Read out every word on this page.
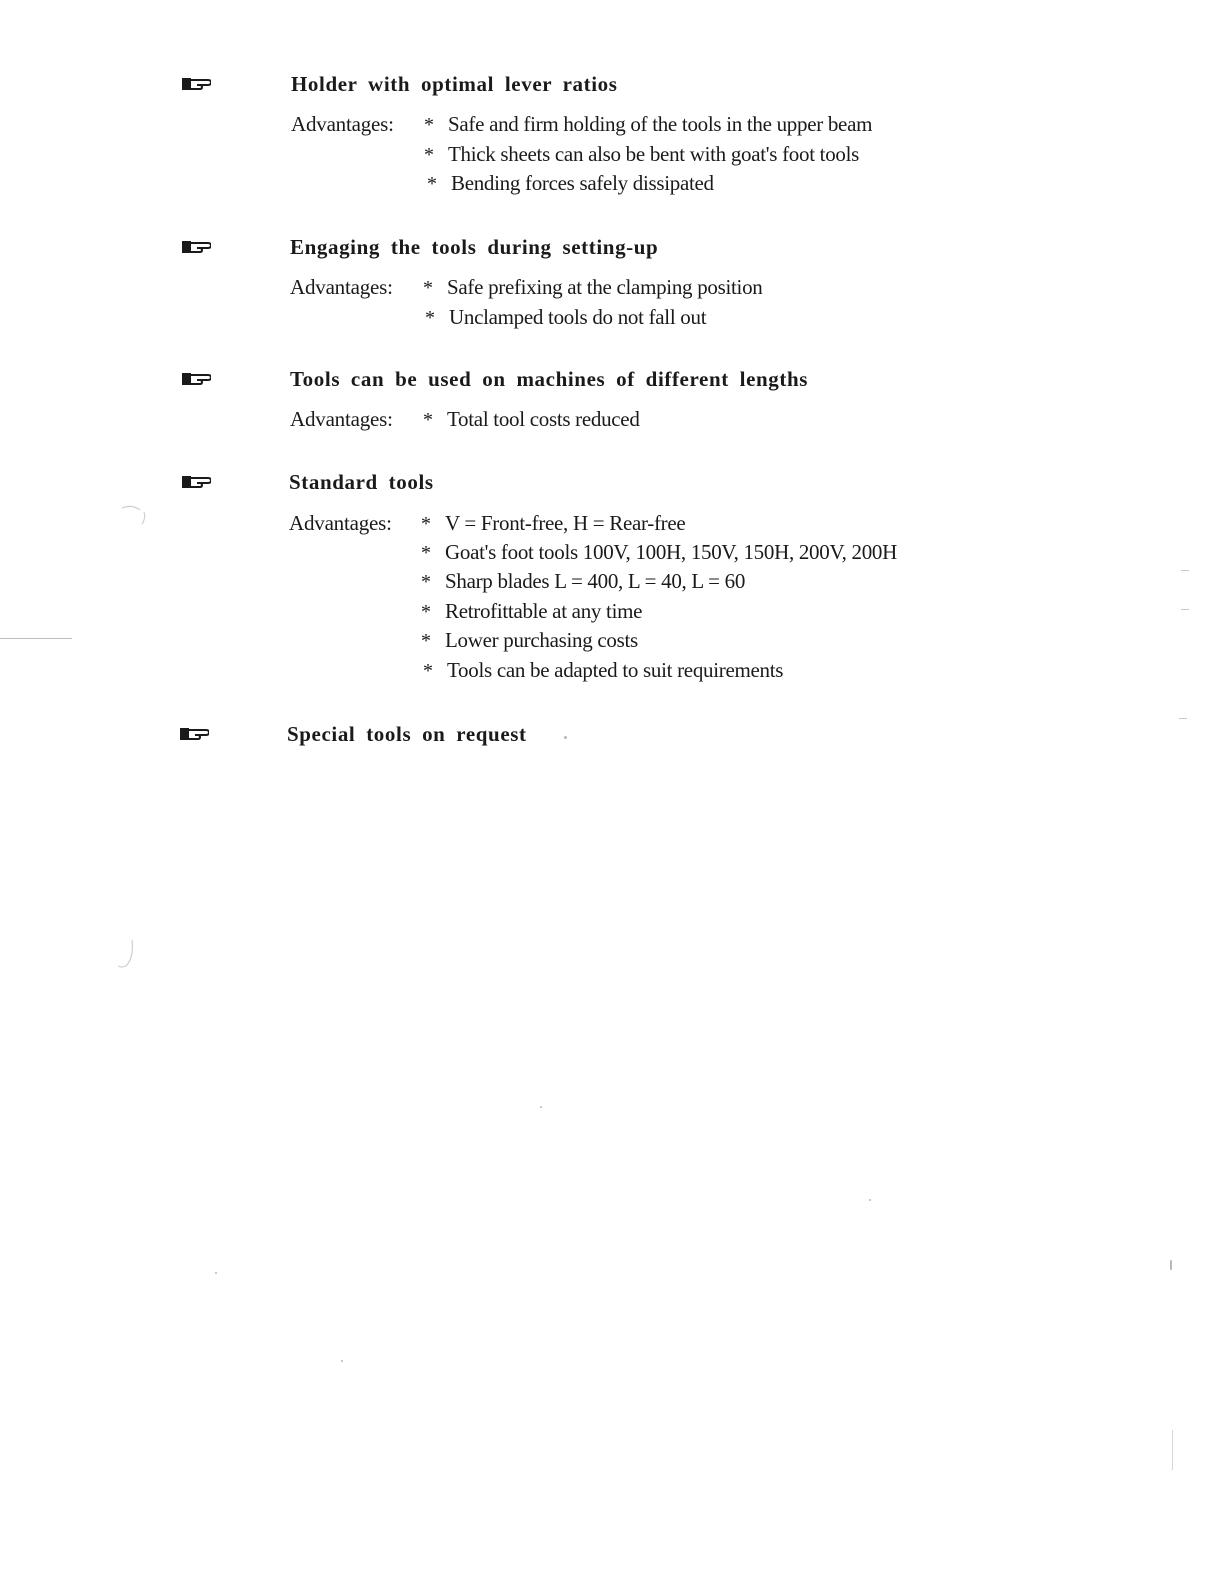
Holder with optimal lever ratios
Advantages: * Safe and firm holding of the tools in the upper beam
* Thick sheets can also be bent with goat's foot tools
* Bending forces safely dissipated
Engaging the tools during setting-up
Advantages: * Safe prefixing at the clamping position
* Unclamped tools do not fall out
Tools can be used on machines of different lengths
Advantages: * Total tool costs reduced
Standard tools
Advantages: * V = Front-free, H = Rear-free
* Goat's foot tools 100V, 100H, 150V, 150H, 200V, 200H
* Sharp blades L = 400, L = 40, L = 60
* Retrofittable at any time
* Lower purchasing costs
* Tools can be adapted to suit requirements
Special tools on request
